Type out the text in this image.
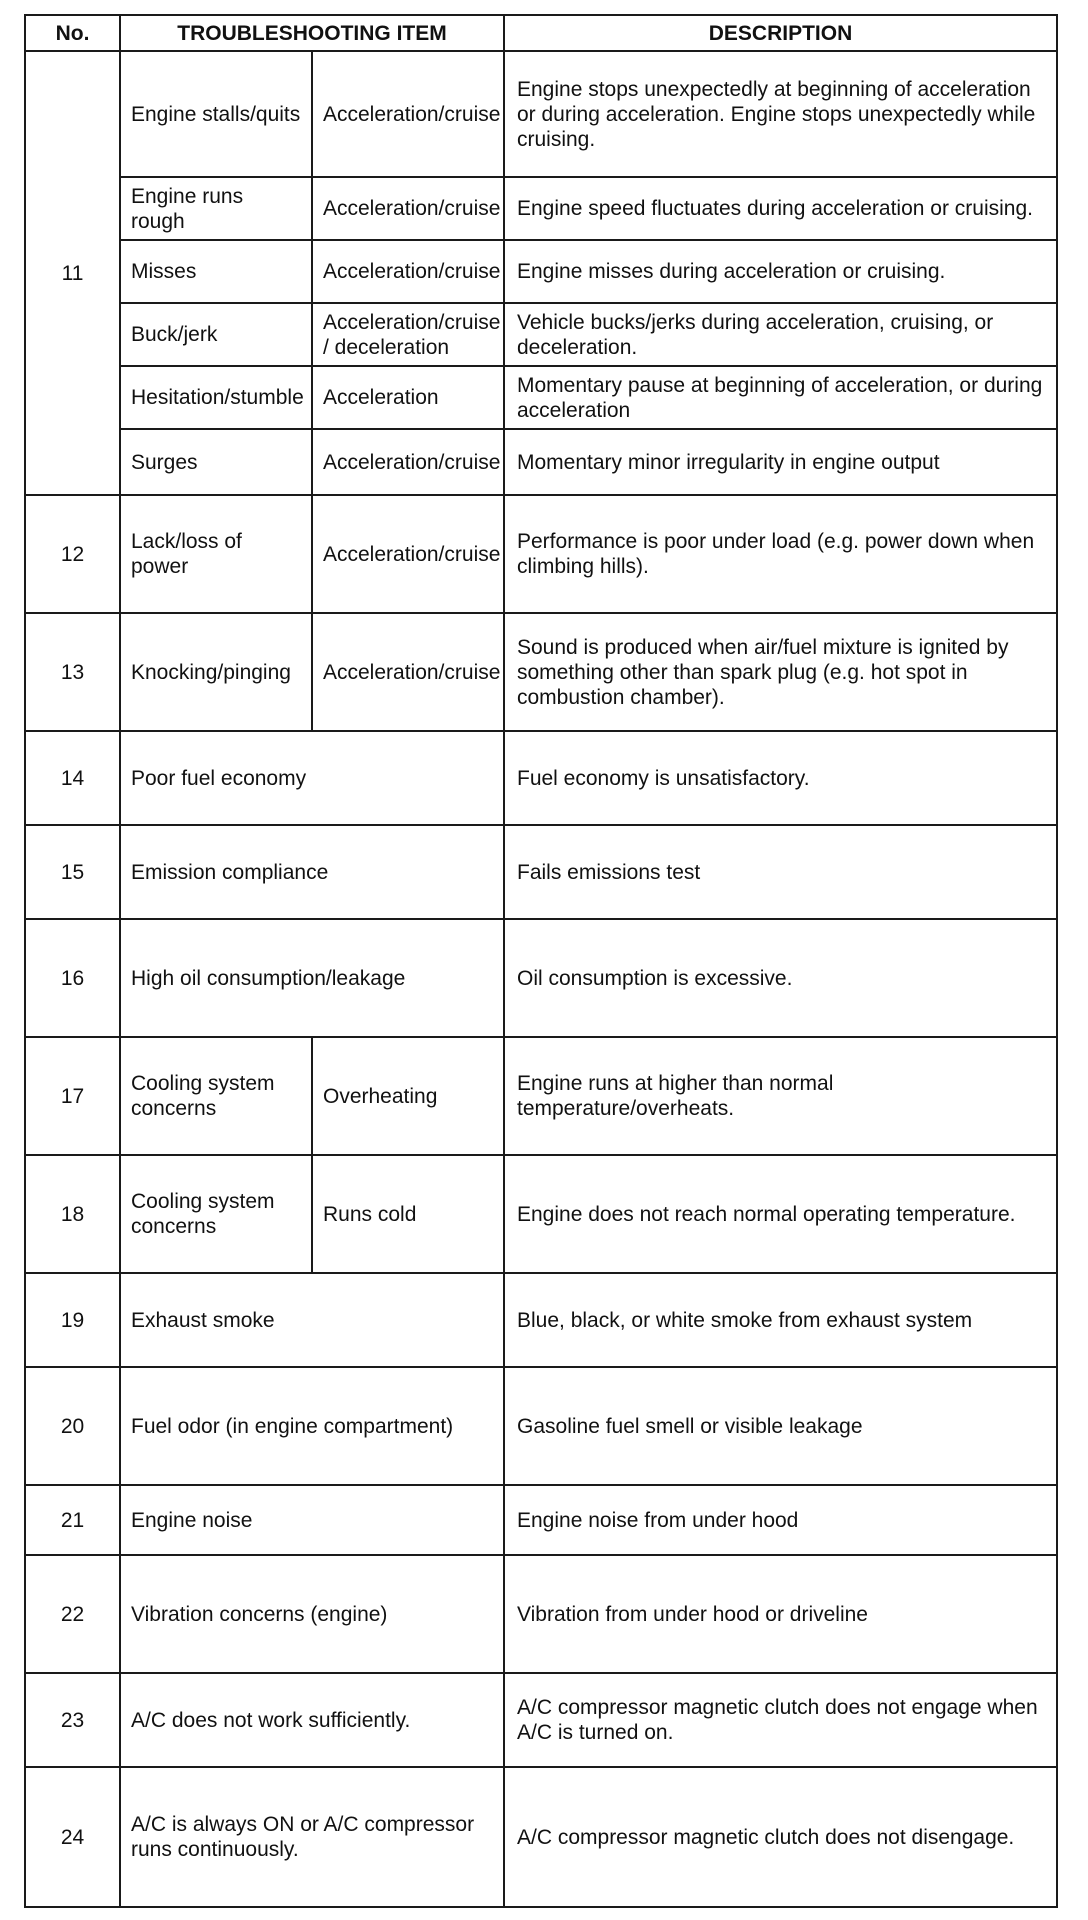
No.	TROUBLESHOOTING ITEM		DESCRIPTION
11	Engine stalls/quits	Acceleration/cruise	Engine stops unexpectedly at beginning of acceleration or during acceleration. Engine stops unexpectedly while cruising.
	Engine runs rough	Acceleration/cruise	Engine speed fluctuates during acceleration or cruising.
	Misses	Acceleration/cruise	Engine misses during acceleration or cruising.
	Buck/jerk	Acceleration/cruise / deceleration	Vehicle bucks/jerks during acceleration, cruising, or deceleration.
	Hesitation/stumble	Acceleration	Momentary pause at beginning of acceleration, or during acceleration
	Surges	Acceleration/cruise	Momentary minor irregularity in engine output
12	Lack/loss of power	Acceleration/cruise	Performance is poor under load (e.g. power down when climbing hills).
13	Knocking/pinging	Acceleration/cruise	Sound is produced when air/fuel mixture is ignited by something other than spark plug (e.g. hot spot in combustion chamber).
14	Poor fuel economy		Fuel economy is unsatisfactory.
15	Emission compliance		Fails emissions test
16	High oil consumption/leakage		Oil consumption is excessive.
17	Cooling system concerns	Overheating	Engine runs at higher than normal temperature/overheats.
18	Cooling system concerns	Runs cold	Engine does not reach normal operating temperature.
19	Exhaust smoke		Blue, black, or white smoke from exhaust system
20	Fuel odor (in engine compartment)		Gasoline fuel smell or visible leakage
21	Engine noise		Engine noise from under hood
22	Vibration concerns (engine)		Vibration from under hood or driveline
23	A/C does not work sufficiently.		A/C compressor magnetic clutch does not engage when A/C is turned on.
24	A/C is always ON or A/C compressor runs continuously.		A/C compressor magnetic clutch does not disengage.
